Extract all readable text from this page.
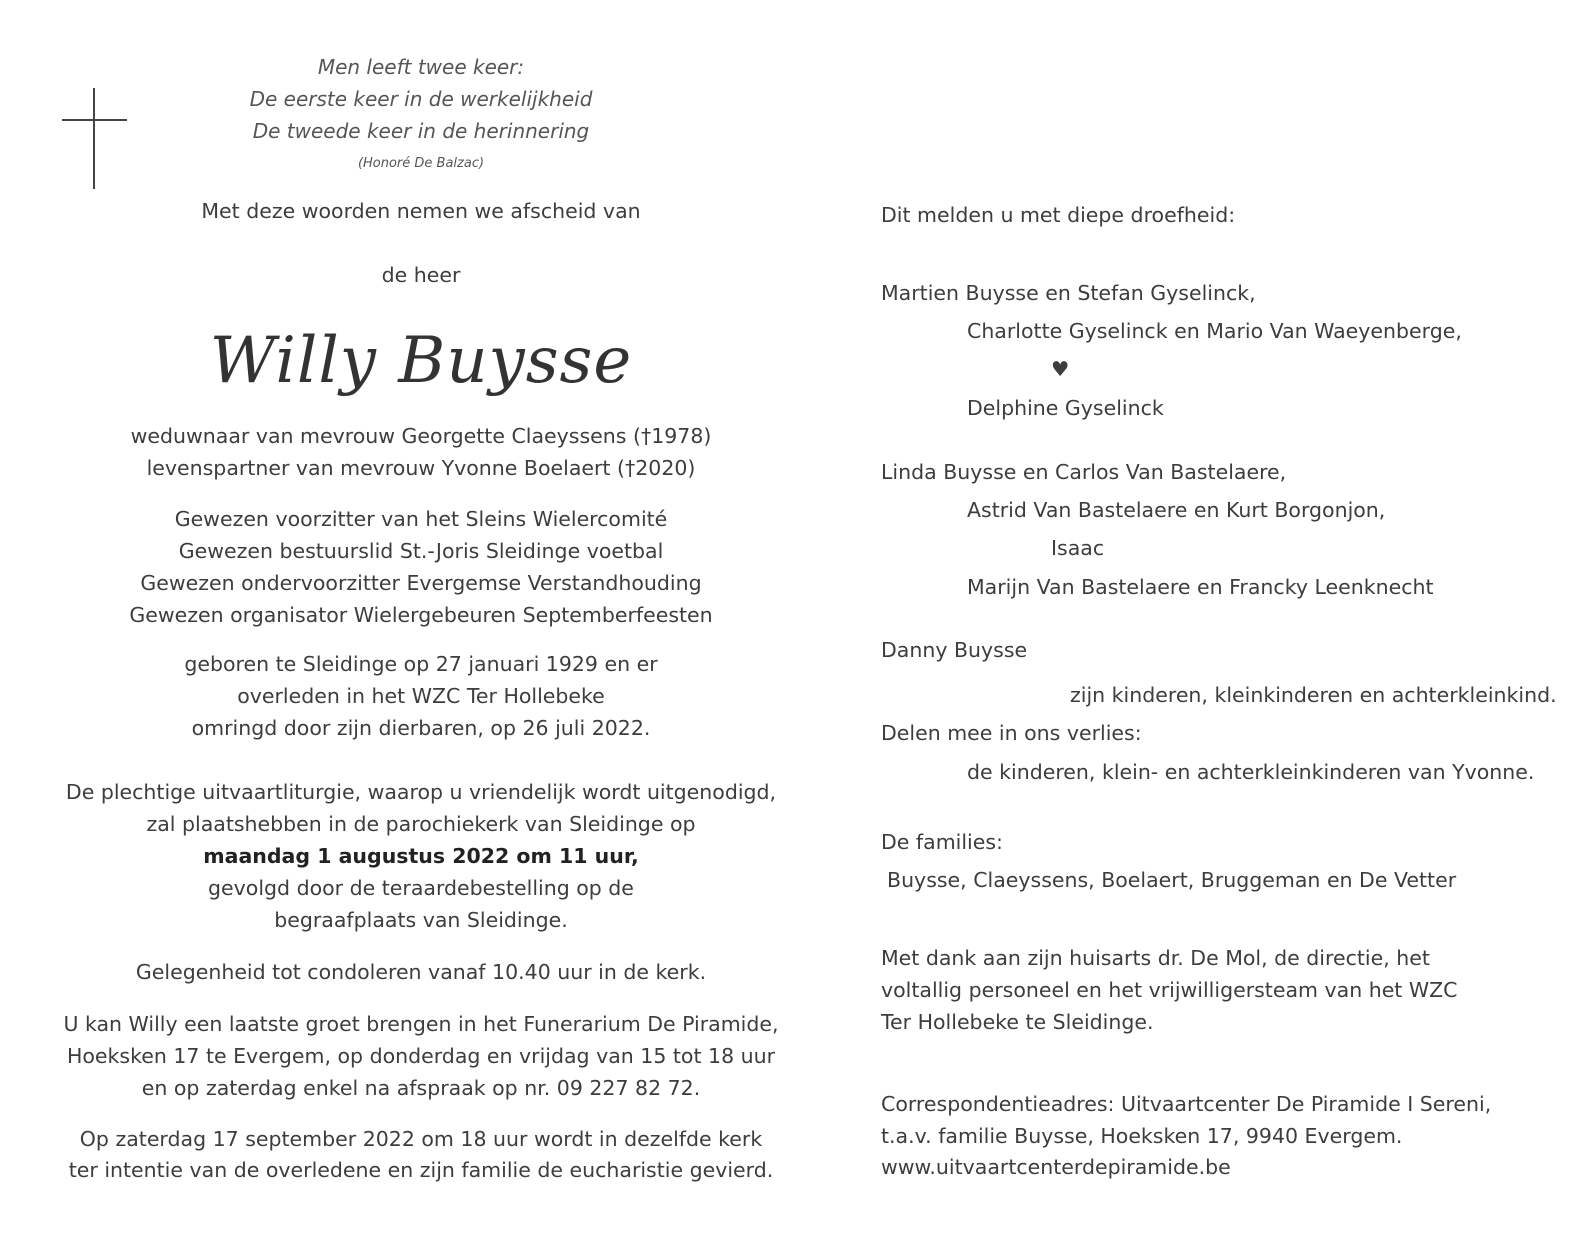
Men leeft twee keer:
De eerste keer in de werkelijkheid
De tweede keer in de herinnering
(Honoré De Balzac)
Met deze woorden nemen we afscheid van
de heer
Willy Buysse
weduwnaar van mevrouw Georgette Claeyssens (†1978)
levenspartner van mevrouw Yvonne Boelaert (†2020)
Gewezen voorzitter van het Sleins Wielercomité
Gewezen bestuurslid St.-Joris Sleidinge voetbal
Gewezen ondervoorzitter Evergemse Verstandhouding
Gewezen organisator Wielergebeuren Septemberfeesten
geboren te Sleidinge op 27 januari 1929 en er
overleden in het WZC Ter Hollebeke
omringd door zijn dierbaren, op 26 juli 2022.
De plechtige uitvaartliturgie, waarop u vriendelijk wordt uitgenodigd,
zal plaatshebben in de parochiekerk van Sleidinge op
maandag 1 augustus 2022 om 11 uur,
gevolgd door de teraardebestelling op de
begraafplaats van Sleidinge.
Gelegenheid tot condoleren vanaf 10.40 uur in de kerk.
U kan Willy een laatste groet brengen in het Funerarium De Piramide,
Hoeksken 17 te Evergem, op donderdag en vrijdag van 15 tot 18 uur
en op zaterdag enkel na afspraak op nr. 09 227 82 72.
Op zaterdag 17 september 2022 om 18 uur wordt in dezelfde kerk
ter intentie van de overledene en zijn familie de eucharistie gevierd.
Dit melden u met diepe droefheid:
Martien Buysse en Stefan Gyselinck,
Charlotte Gyselinck en Mario Van Waeyenberge,
♥
Delphine Gyselinck
Linda Buysse en Carlos Van Bastelaere,
Astrid Van Bastelaere en Kurt Borgonjon,
Isaac
Marijn Van Bastelaere en Francky Leenknecht
Danny Buysse
zijn kinderen, kleinkinderen en achterkleinkind.
Delen mee in ons verlies:
de kinderen, klein- en achterkleinkinderen van Yvonne.
De families:
Buysse, Claeyssens, Boelaert, Bruggeman en De Vetter
Met dank aan zijn huisarts dr. De Mol, de directie, het
voltallig personeel en het vrijwilligersteam van het WZC
Ter Hollebeke te Sleidinge.
Correspondentieadres: Uitvaartcenter De Piramide I Sereni,
t.a.v. familie Buysse, Hoeksken 17, 9940 Evergem.
www.uitvaartcenterdepiramide.be
